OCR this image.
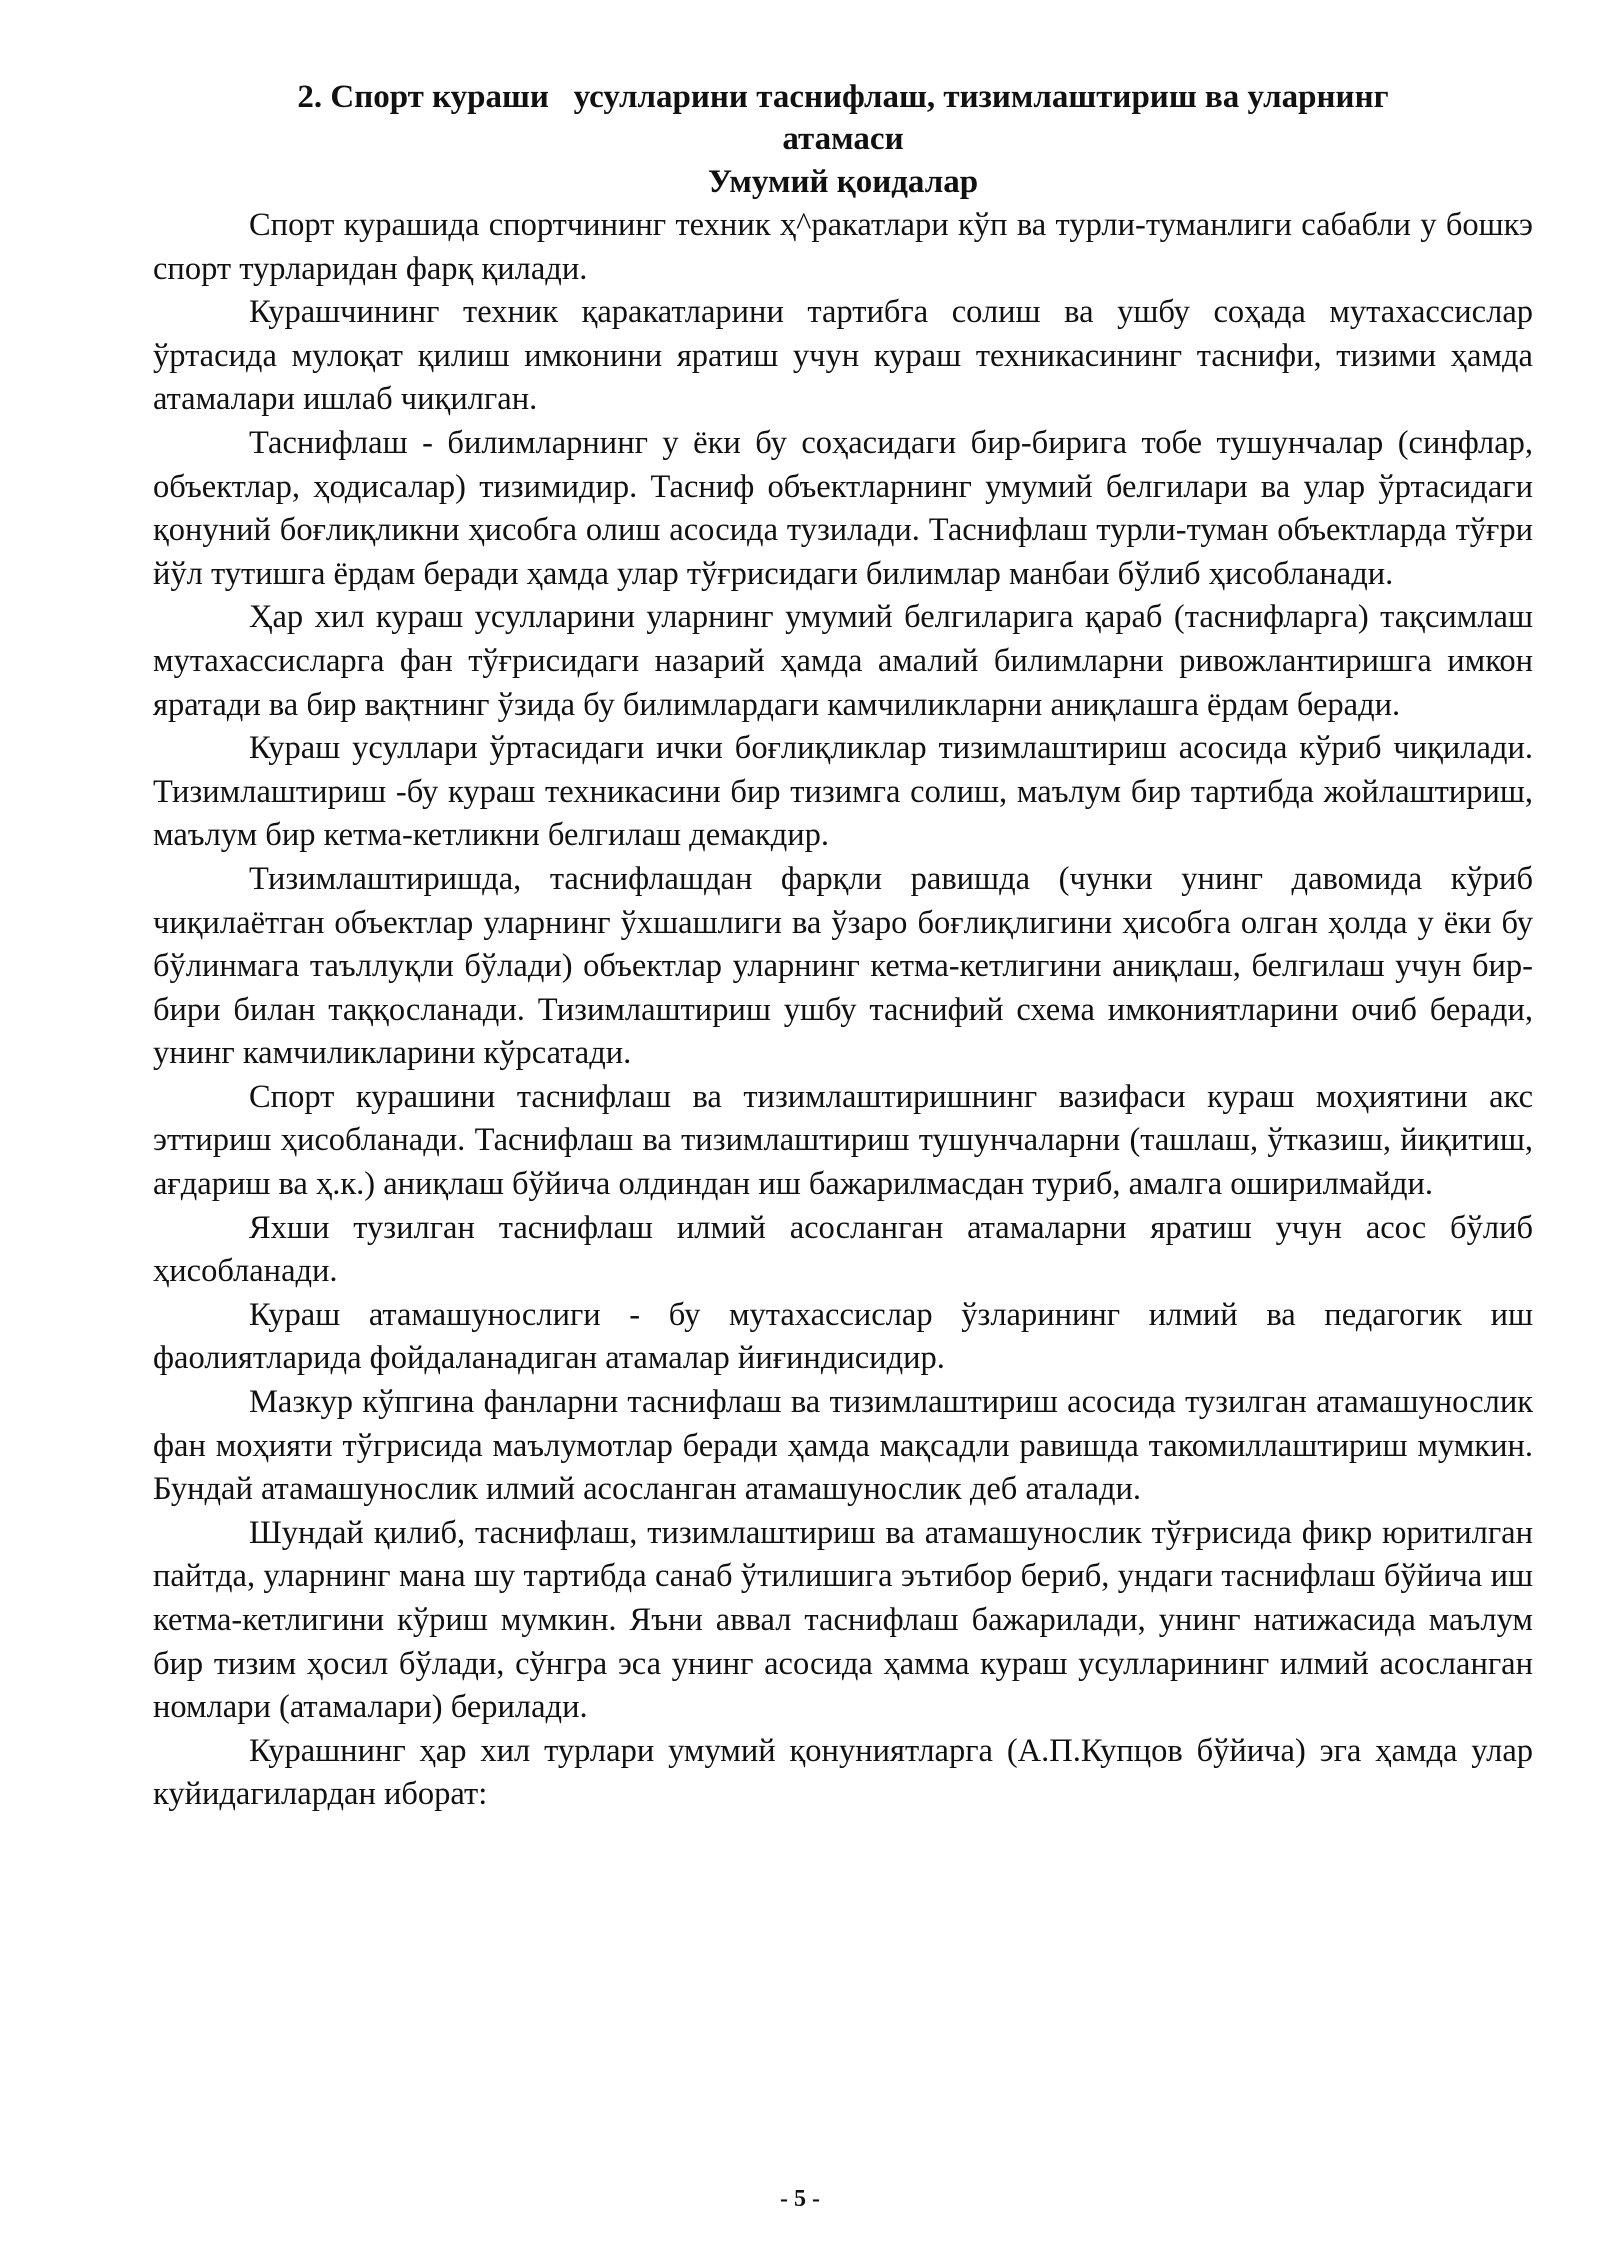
2. Спорт кураши   усулларини таснифлаш, тизимлаштириш ва уларнинг
атамаси
Умумий қоидалар

Спорт курашида спортчининг техник ҳ^ракатлари кўп ва турли-туманлиги сабабли у бошкэ спорт турларидан фарқ қилади.

Курашчининг техник қаракатларини тартибга солиш ва ушбу соҳада мутахассислар ўртасида мулоқат қилиш имконини яратиш учун кураш техникасининг таснифи, тизими ҳамда атамалари ишлаб чиқилган.

Таснифлаш - билимларнинг у ёки бу соҳасидаги бир-бирига тобе тушунчалар (синфлар, объектлар, ҳодисалар) тизимидир. Тасниф объектларнинг умумий белгилари ва улар ўртасидаги қонуний боғлиқликни ҳисобга олиш асосида тузилади. Таснифлаш турли-туман объектларда тўғри йўл тутишга ёрдам беради ҳамда улар тўғрисидаги билимлар манбаи бўлиб ҳисобланади.

Ҳар хил кураш усулларини уларнинг умумий белгиларига қараб (таснифларга) тақсимлаш мутахассисларга фан тўғрисидаги назарий ҳамда амалий билимларни ривожлантиришга имкон яратади ва бир вақтнинг ўзида бу билимлардаги камчиликларни аниқлашга ёрдам беради.

Кураш усуллари ўртасидаги ички боғлиқликлар тизимлаштириш асосида кўриб чиқилади. Тизимлаштириш -бу кураш техникасини бир тизимга солиш, маълум бир тартибда жойлаштириш, маълум бир кетма-кетликни белгилаш демакдир.

Тизимлаштиришда, таснифлашдан фарқли равишда (чунки унинг давомида кўриб чиқилаётган объектлар уларнинг ўхшашлиги ва ўзаро боғлиқлигини ҳисобга олган ҳолда у ёки бу бўлинмага таъллуқли бўлади) объектлар уларнинг кетма-кетлигини аниқлаш, белгилаш учун бир-бири билан таққосланади. Тизимлаштириш ушбу таснифий схема имкониятларини очиб беради, унинг камчиликларини кўрсатади.

Спорт курашини таснифлаш ва тизимлаштиришнинг вазифаси кураш моҳиятини акс эттириш ҳисобланади. Таснифлаш ва тизимлаштириш тушунчаларни (ташлаш, ўтказиш, йиқитиш, ағдариш ва ҳ.к.) аниқлаш бўйича олдиндан иш бажарилмасдан туриб, амалга оширилмайди.

Яхши тузилган таснифлаш илмий асосланган атамаларни яратиш учун асос бўлиб ҳисобланади.

Кураш атамашунослиги - бу мутахассислар ўзларининг илмий ва педагогик иш фаолиятларида фойдаланадиган атамалар йиғиндисидир.

Мазкур кўпгина фанларни таснифлаш ва тизимлаштириш асосида тузилган атамашунослик фан моҳияти тўгрисида маълумотлар беради ҳамда мақсадли равишда такомиллаштириш мумкин. Бундай атамашунослик илмий асосланган атамашунослик деб аталади.

Шундай қилиб, таснифлаш, тизимлаштириш ва атамашунослик тўғрисида фикр юритилган пайтда, уларнинг мана шу тартибда санаб ўтилишига эътибор бериб, ундаги таснифлаш бўйича иш кетма-кетлигини кўриш мумкин. Яъни аввал таснифлаш бажарилади, унинг натижасида маълум бир тизим ҳосил бўлади, сўнгра эса унинг асосида ҳамма кураш усулларининг илмий асосланган номлари (атамалари) берилади.

Курашнинг ҳар хил турлари умумий қонуниятларга (А.П.Купцов бўйича) эга ҳамда улар куйидагилардан иборат:

- 5 -
